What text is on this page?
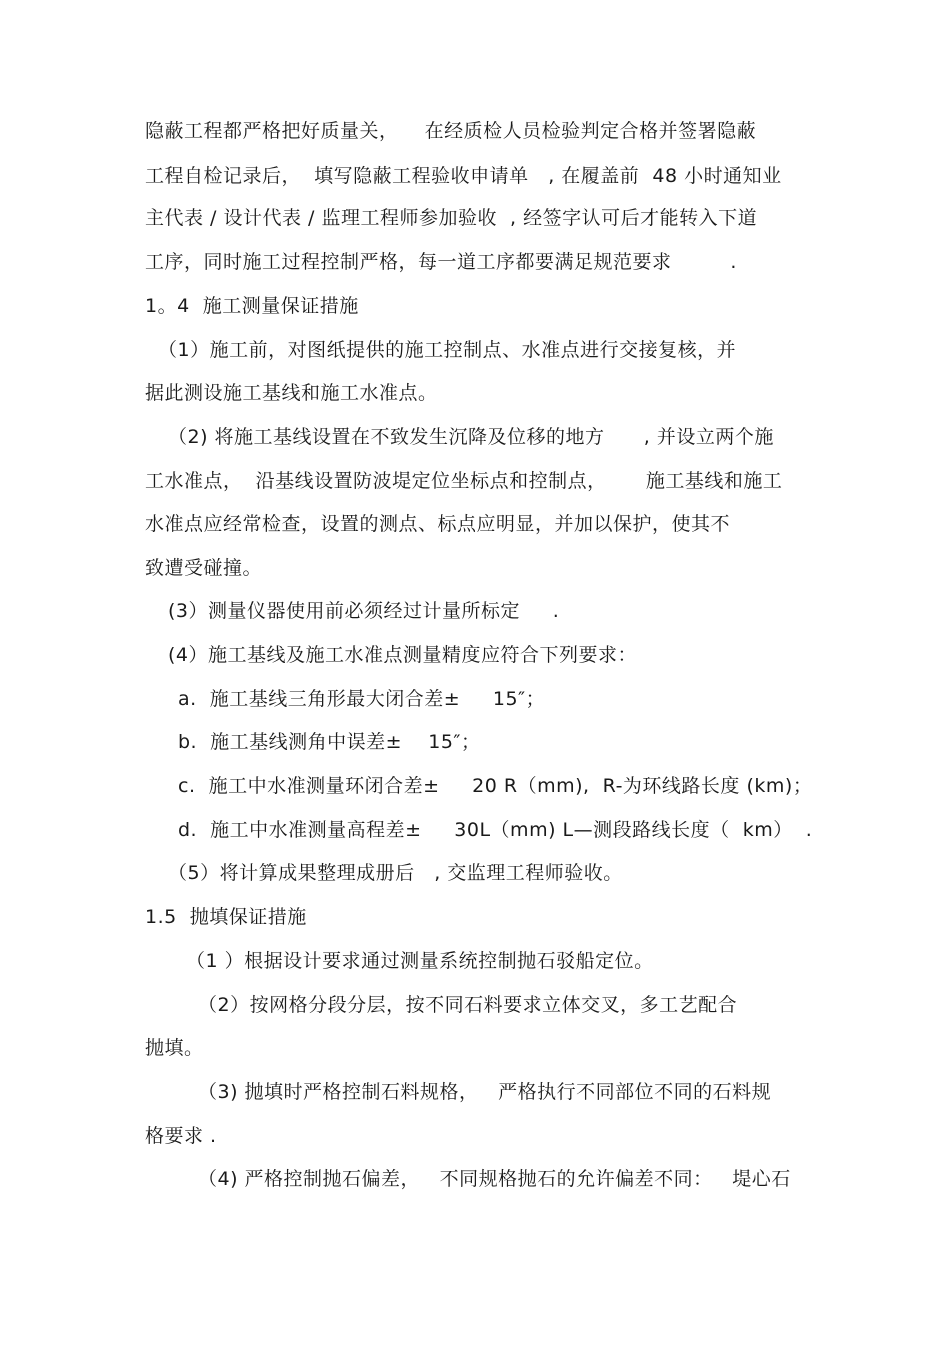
隐蔽工程都严格把好质量关，    在经质检人员检验判定合格并签署隐蔽
工程自检记录后，  填写隐蔽工程验收申请单   , 在履盖前  48 小时通知业
主代表 / 设计代表 / 监理工程师参加验收  , 经签字认可后才能转入下道
工序，同时施工过程控制严格，每一道工序都要满足规范要求         .
1。4  施工测量保证措施
（1）施工前，对图纸提供的施工控制点、水准点进行交接复核，并
据此测设施工基线和施工水准点。
（2) 将施工基线设置在不致发生沉降及位移的地方      , 并设立两个施
工水准点，  沿基线设置防波堤定位坐标点和控制点，      施工基线和施工
水准点应经常检查，设置的测点、标点应明显，并加以保护，使其不
致遭受碰撞。
(3）测量仪器使用前必须经过计量所标定     .
(4）施工基线及施工水准点测量精度应符合下列要求：
a.  施工基线三角形最大闭合差±     15″；
b.  施工基线测角中误差±    15″；
c.  施工中水准测量环闭合差±     20 R（mm),  R-为环线路长度 (km)；
d.  施工中水准测量高程差±     30L（mm) L—测段路线长度（  km）  .
（5）将计算成果整理成册后   , 交监理工程师验收。
1.5  抛填保证措施
（1 ）根据设计要求通过测量系统控制抛石驳船定位。
（2）按网格分段分层，按不同石料要求立体交叉，多工艺配合
抛填。
（3) 抛填时严格控制石料规格，   严格执行不同部位不同的石料规
格要求 .
（4) 严格控制抛石偏差，   不同规格抛石的允许偏差不同：   堤心石
